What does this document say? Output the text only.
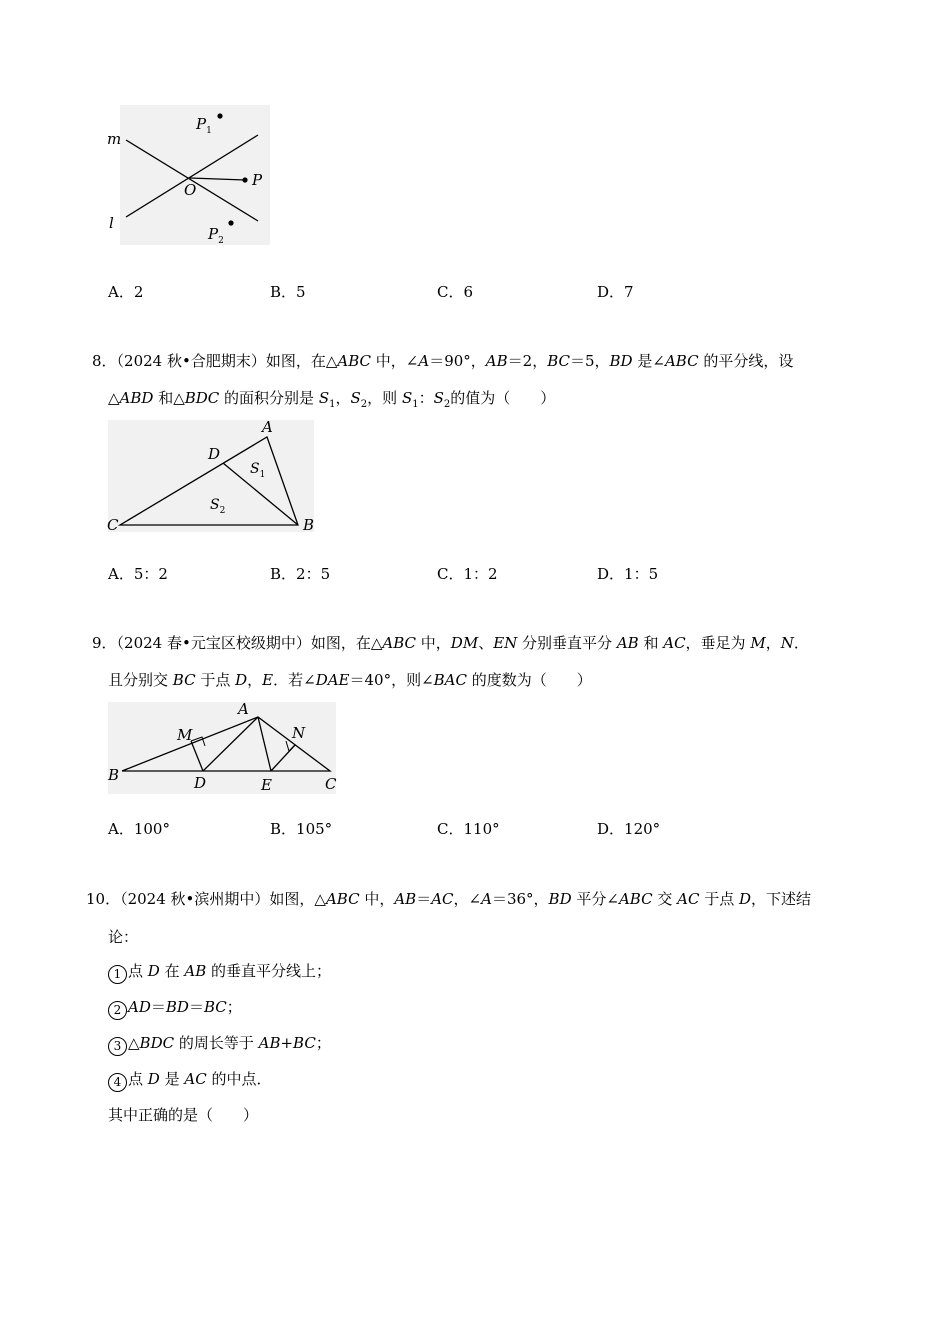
m
l
O
P
$P_1$
$P_2$
A．2	B．5	C．6	D．7
8．（2024 秋•合肥期末）如图，在△ABC 中，∠A＝90°，AB＝2，BC＝5，BD 是∠ABC 的平分线，设
△ABD 和△BDC 的面积分别是 $S_1$，$S_2$，则 $S_1$：$S_2$的值为（　　）
A
B
C
D
$S_1$
$S_2$
A．5：2	B．2：5	C．1：2	D．1：5
9．（2024 春•元宝区校级期中）如图，在△ABC 中，DM、EN 分别垂直平分 AB 和 AC，垂足为 M，N．
且分别交 BC 于点 D，E．若∠DAE＝40°，则∠BAC 的度数为（　　）
A
B	C
D	E
M	N
A．100°	B．105°	C．110°	D．120°
10．（2024 秋•滨州期中）如图，△ABC 中，AB＝AC，∠A＝36°，BD 平分∠ABC 交 AC 于点 D，下述结
论：
1 点 D 在 AB 的垂直平分线上；
2 AD＝BD＝BC；
3 △BDC 的周长等于 AB+BC；
4 点 D 是 AC 的中点．
其中正确的是（　　）
